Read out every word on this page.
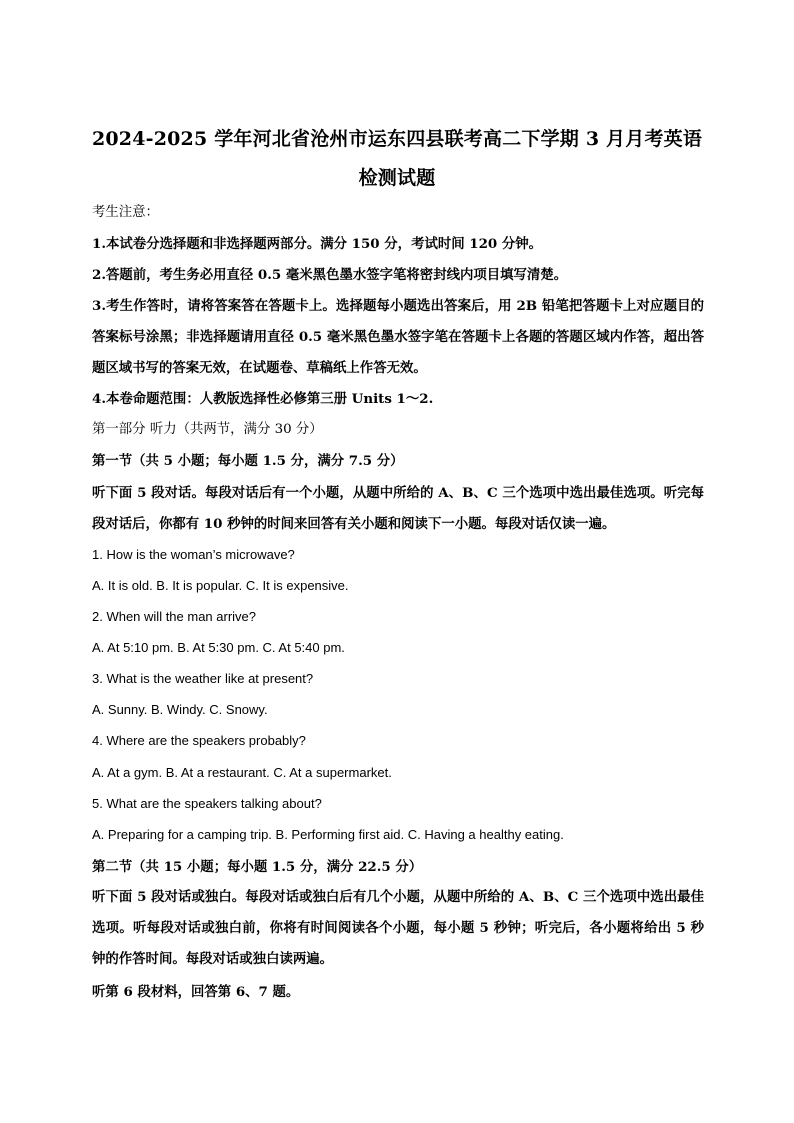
2024-2025 学年河北省沧州市运东四县联考高二下学期 3 月月考英语
检测试题
考生注意：
1.本试卷分选择题和非选择题两部分。满分 150 分，考试时间 120 分钟。
2.答题前，考生务必用直径 0.5 毫米黑色墨水签字笔将密封线内项目填写清楚。
3.考生作答时，请将答案答在答题卡上。选择题每小题选出答案后，用 2B 铅笔把答题卡上对应题目的答案标号涂黑；非选择题请用直径 0.5 毫米黑色墨水签字笔在答题卡上各题的答题区域内作答，超出答题区域书写的答案无效，在试题卷、草稿纸上作答无效。
4.本卷命题范围：人教版选择性必修第三册 Units 1～2.
第一部分 听力（共两节，满分 30 分）
第一节（共 5 小题；每小题 1.5 分，满分 7.5 分）
听下面 5 段对话。每段对话后有一个小题，从题中所给的 A、B、C 三个选项中选出最佳选项。听完每段对话后，你都有 10 秒钟的时间来回答有关小题和阅读下一小题。每段对话仅读一遍。
1. How is the woman’s microwave?
A. It is old. B. It is popular. C. It is expensive.
2. When will the man arrive?
A. At 5:10 pm. B. At 5:30 pm. C. At 5:40 pm.
3. What is the weather like at present?
A. Sunny. B. Windy. C. Snowy.
4. Where are the speakers probably?
A. At a gym. B. At a restaurant. C. At a supermarket.
5. What are the speakers talking about?
A. Preparing for a camping trip. B. Performing first aid. C. Having a healthy eating.
第二节（共 15 小题；每小题 1.5 分，满分 22.5 分）
听下面 5 段对话或独白。每段对话或独白后有几个小题，从题中所给的 A、B、C 三个选项中选出最佳选项。听每段对话或独白前，你将有时间阅读各个小题，每小题 5 秒钟；听完后，各小题将给出 5 秒钟的作答时间。每段对话或独白读两遍。
听第 6 段材料，回答第 6、7 题。
